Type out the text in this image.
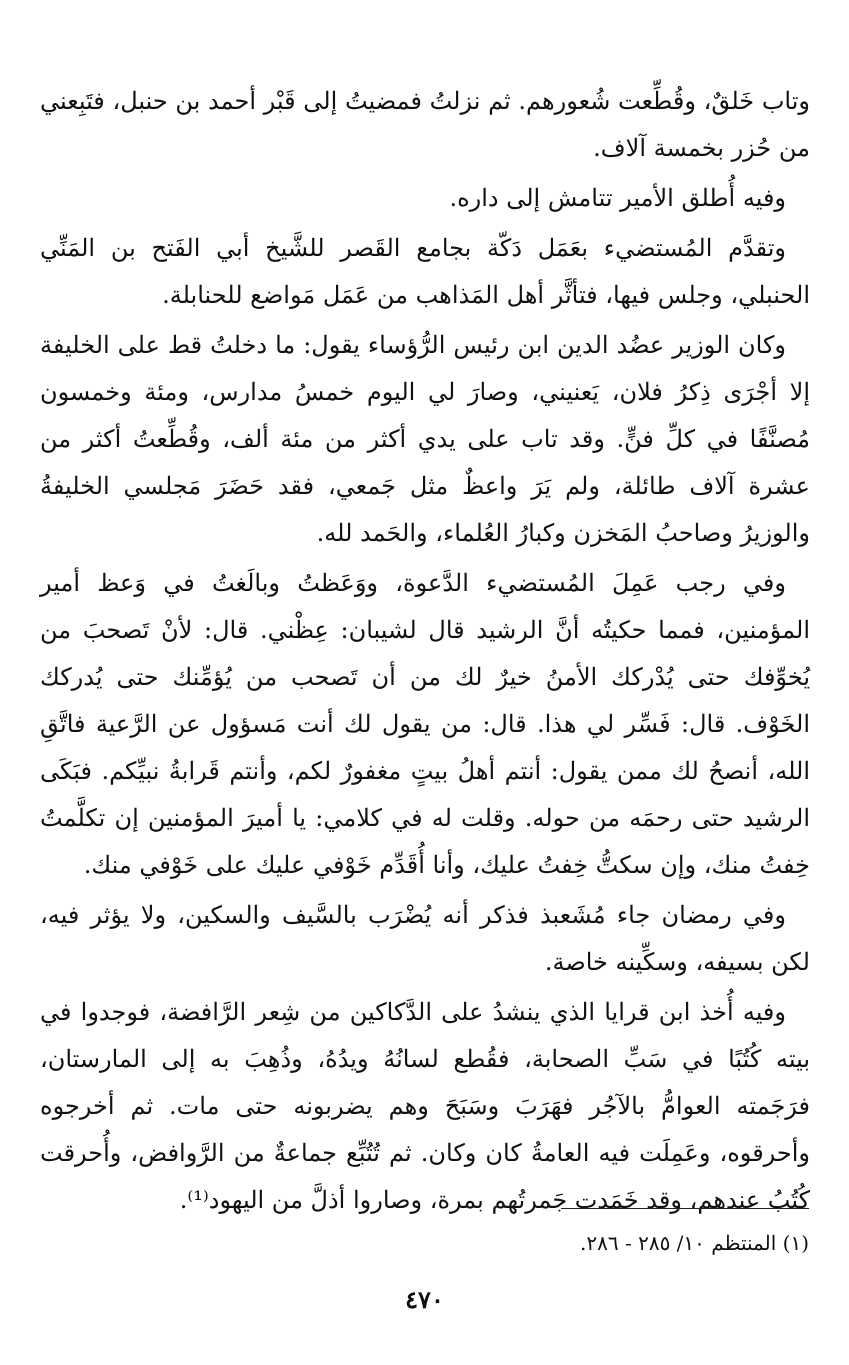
وتاب خَلقٌ، وقُطِّعت شُعورهم. ثم نزلتُ فمضيتُ إلى قَبْر أحمد بن حنبل، فتَبِعني من حُزر بخمسة آلاف.

وفيه أُطلق الأمير تتامش إلى داره.

وتقدَّم المُستضيء بعَمَل دَكّة بجامع القَصر للشَّيخ أبي الفَتح بن المَنِّي الحنبلي، وجلس فيها، فتأثَّر أهل المَذاهب من عَمَل مَواضع للحنابلة.

وكان الوزير عضُد الدين ابن رئيس الرُّؤساء يقول: ما دخلتُ قط على الخليفة إلا أجْرَى ذِكرُ فلان، يَعنيني، وصارَ لي اليوم خمسُ مدارس، ومئة وخمسون مُصنَّفًا في كلِّ فنٍّ. وقد تاب على يدي أكثر من مئة ألف، وقُطِّعتُ أكثر من عشرة آلاف طائلة، ولم يَرَ واعظٌ مثل جَمعي، فقد حَضَرَ مَجلسي الخليفةُ والوزيرُ وصاحبُ المَخزن وكبارُ العُلماء، والحَمد لله.

وفي رجب عَمِلَ المُستضيء الدَّعوة، ووَعَظتُ وبالَغتُ في وَعظ أمير المؤمنين، فمما حكيتُه أنَّ الرشيد قال لشيبان: عِظْني. قال: لأنْ تَصحبَ من يُخوِّفك حتى يُدْركك الأمنُ خيرٌ لك من أن تَصحب من يُؤمِّنك حتى يُدركك الخَوْف. قال: فَسِّر لي هذا. قال: من يقول لك أنت مَسؤول عن الرَّعية فاتَّقِ الله، أنصحُ لك ممن يقول: أنتم أهلُ بيتٍ مغفورٌ لكم، وأنتم قَرابةُ نبيِّكم. فبَكَى الرشيد حتى رحمَه من حوله. وقلت له في كلامي: يا أميرَ المؤمنين إن تكلَّمتُ خِفتُ منك، وإن سكتُّ خِفتُ عليك، وأنا أُقَدِّم خَوْفي عليك على خَوْفي منك.

وفي رمضان جاء مُشَعبذ فذكر أنه يُضْرَب بالسَّيف والسكين، ولا يؤثر فيه، لكن بسيفه، وسكِّينه خاصة.

وفيه أُخذ ابن قرايا الذي ينشدُ على الدَّكاكين من شِعر الرَّافضة، فوجدوا في بيته كُتُبًا في سَبِّ الصحابة، فقُطع لسانُهُ ويدُهُ، وذُهِبَ به إلى المارستان، فرَجَمته العوامُّ بالآجُر فهَرَبَ وسَبَحَ وهم يضربونه حتى مات. ثم أخرجوه وأحرقوه، وعَمِلَت فيه العامةُ كان وكان. ثم تُتُبِّع جماعةٌ من الرَّوافض، وأُحرقت كُتُبُ عندهم، وقد خَمَدت جَمرتُهم بمرة، وصاروا أذلَّ من اليهود⁽¹⁾.

(١) المنتظم ١٠/ ٢٨٥ - ٢٨٦.

٤٧٠
